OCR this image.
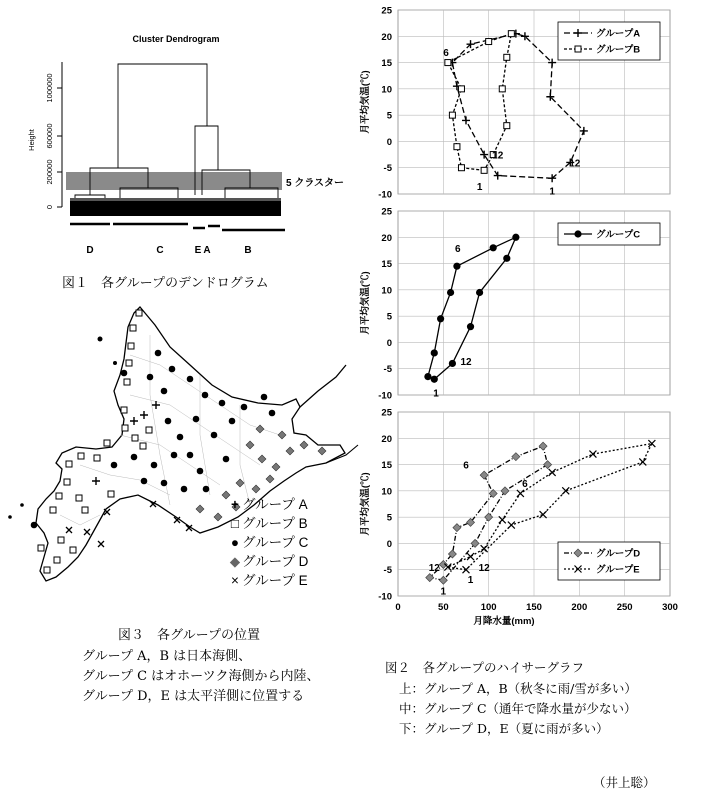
Cluster Dendrogram
0
200000
600000
1000000
Height
5 クラスター
D	C	E A	B
図１　各グループのデンドログラム
+ グループ A
□ グループ B
● グループ C
◆ グループ D
× グループ E
図３　各グループの位置
グループ A，B は日本海側、
グループ C はオホーツク海側から内陸、
グループ D，E は太平洋側に位置する
-10
-5
0
5
10
15
20
25
月平均気温(℃)
6
12
12
1	1
グループA
グループB
-10
-5
0
5
10
15
20
25
月平均気温(℃)
6
12
1
グループC
-10
-5
0
5
10
15
20
25
0	50	100	150	200	250	300
月平均気温(℃)
月降水量(mm)
6
6
12	12
1
1
グループD
グループE
図２　各グループのハイサーグラフ
上：グループ A，B（秋冬に雨/雪が多い）
中：グループ C（通年で降水量が少ない）
下：グループ D，E（夏に雨が多い）
（井上聡）
